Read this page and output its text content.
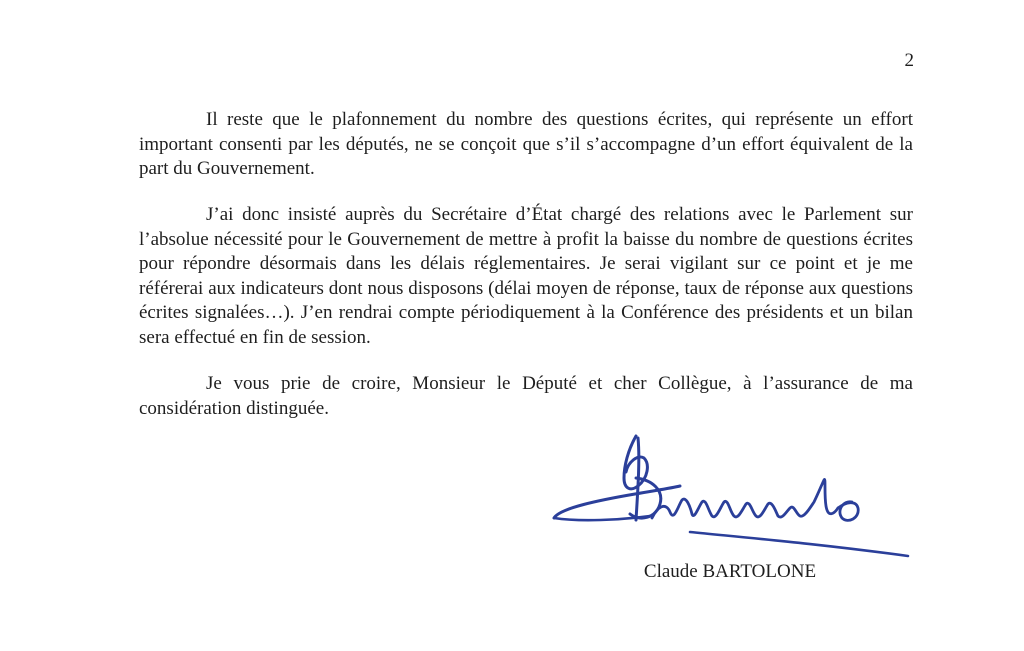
2

Il reste que le plafonnement du nombre des questions écrites, qui représente un effort important consenti par les députés, ne se conçoit que s’il s’accompagne d’un effort équivalent de la part du Gouvernement.

J’ai donc insisté auprès du Secrétaire d’État chargé des relations avec le Parlement sur l’absolue nécessité pour le Gouvernement de mettre à profit la baisse du nombre de questions écrites pour répondre désormais dans les délais réglementaires. Je serai vigilant sur ce point et je me référerai aux indicateurs dont nous disposons (délai moyen de réponse, taux de réponse aux questions écrites signalées…). J’en rendrai compte périodiquement à la Conférence des présidents et un bilan sera effectué en fin de session.

Je vous prie de croire, Monsieur le Député et cher Collègue, à l’assurance de ma considération distinguée.

Claude BARTOLONE
